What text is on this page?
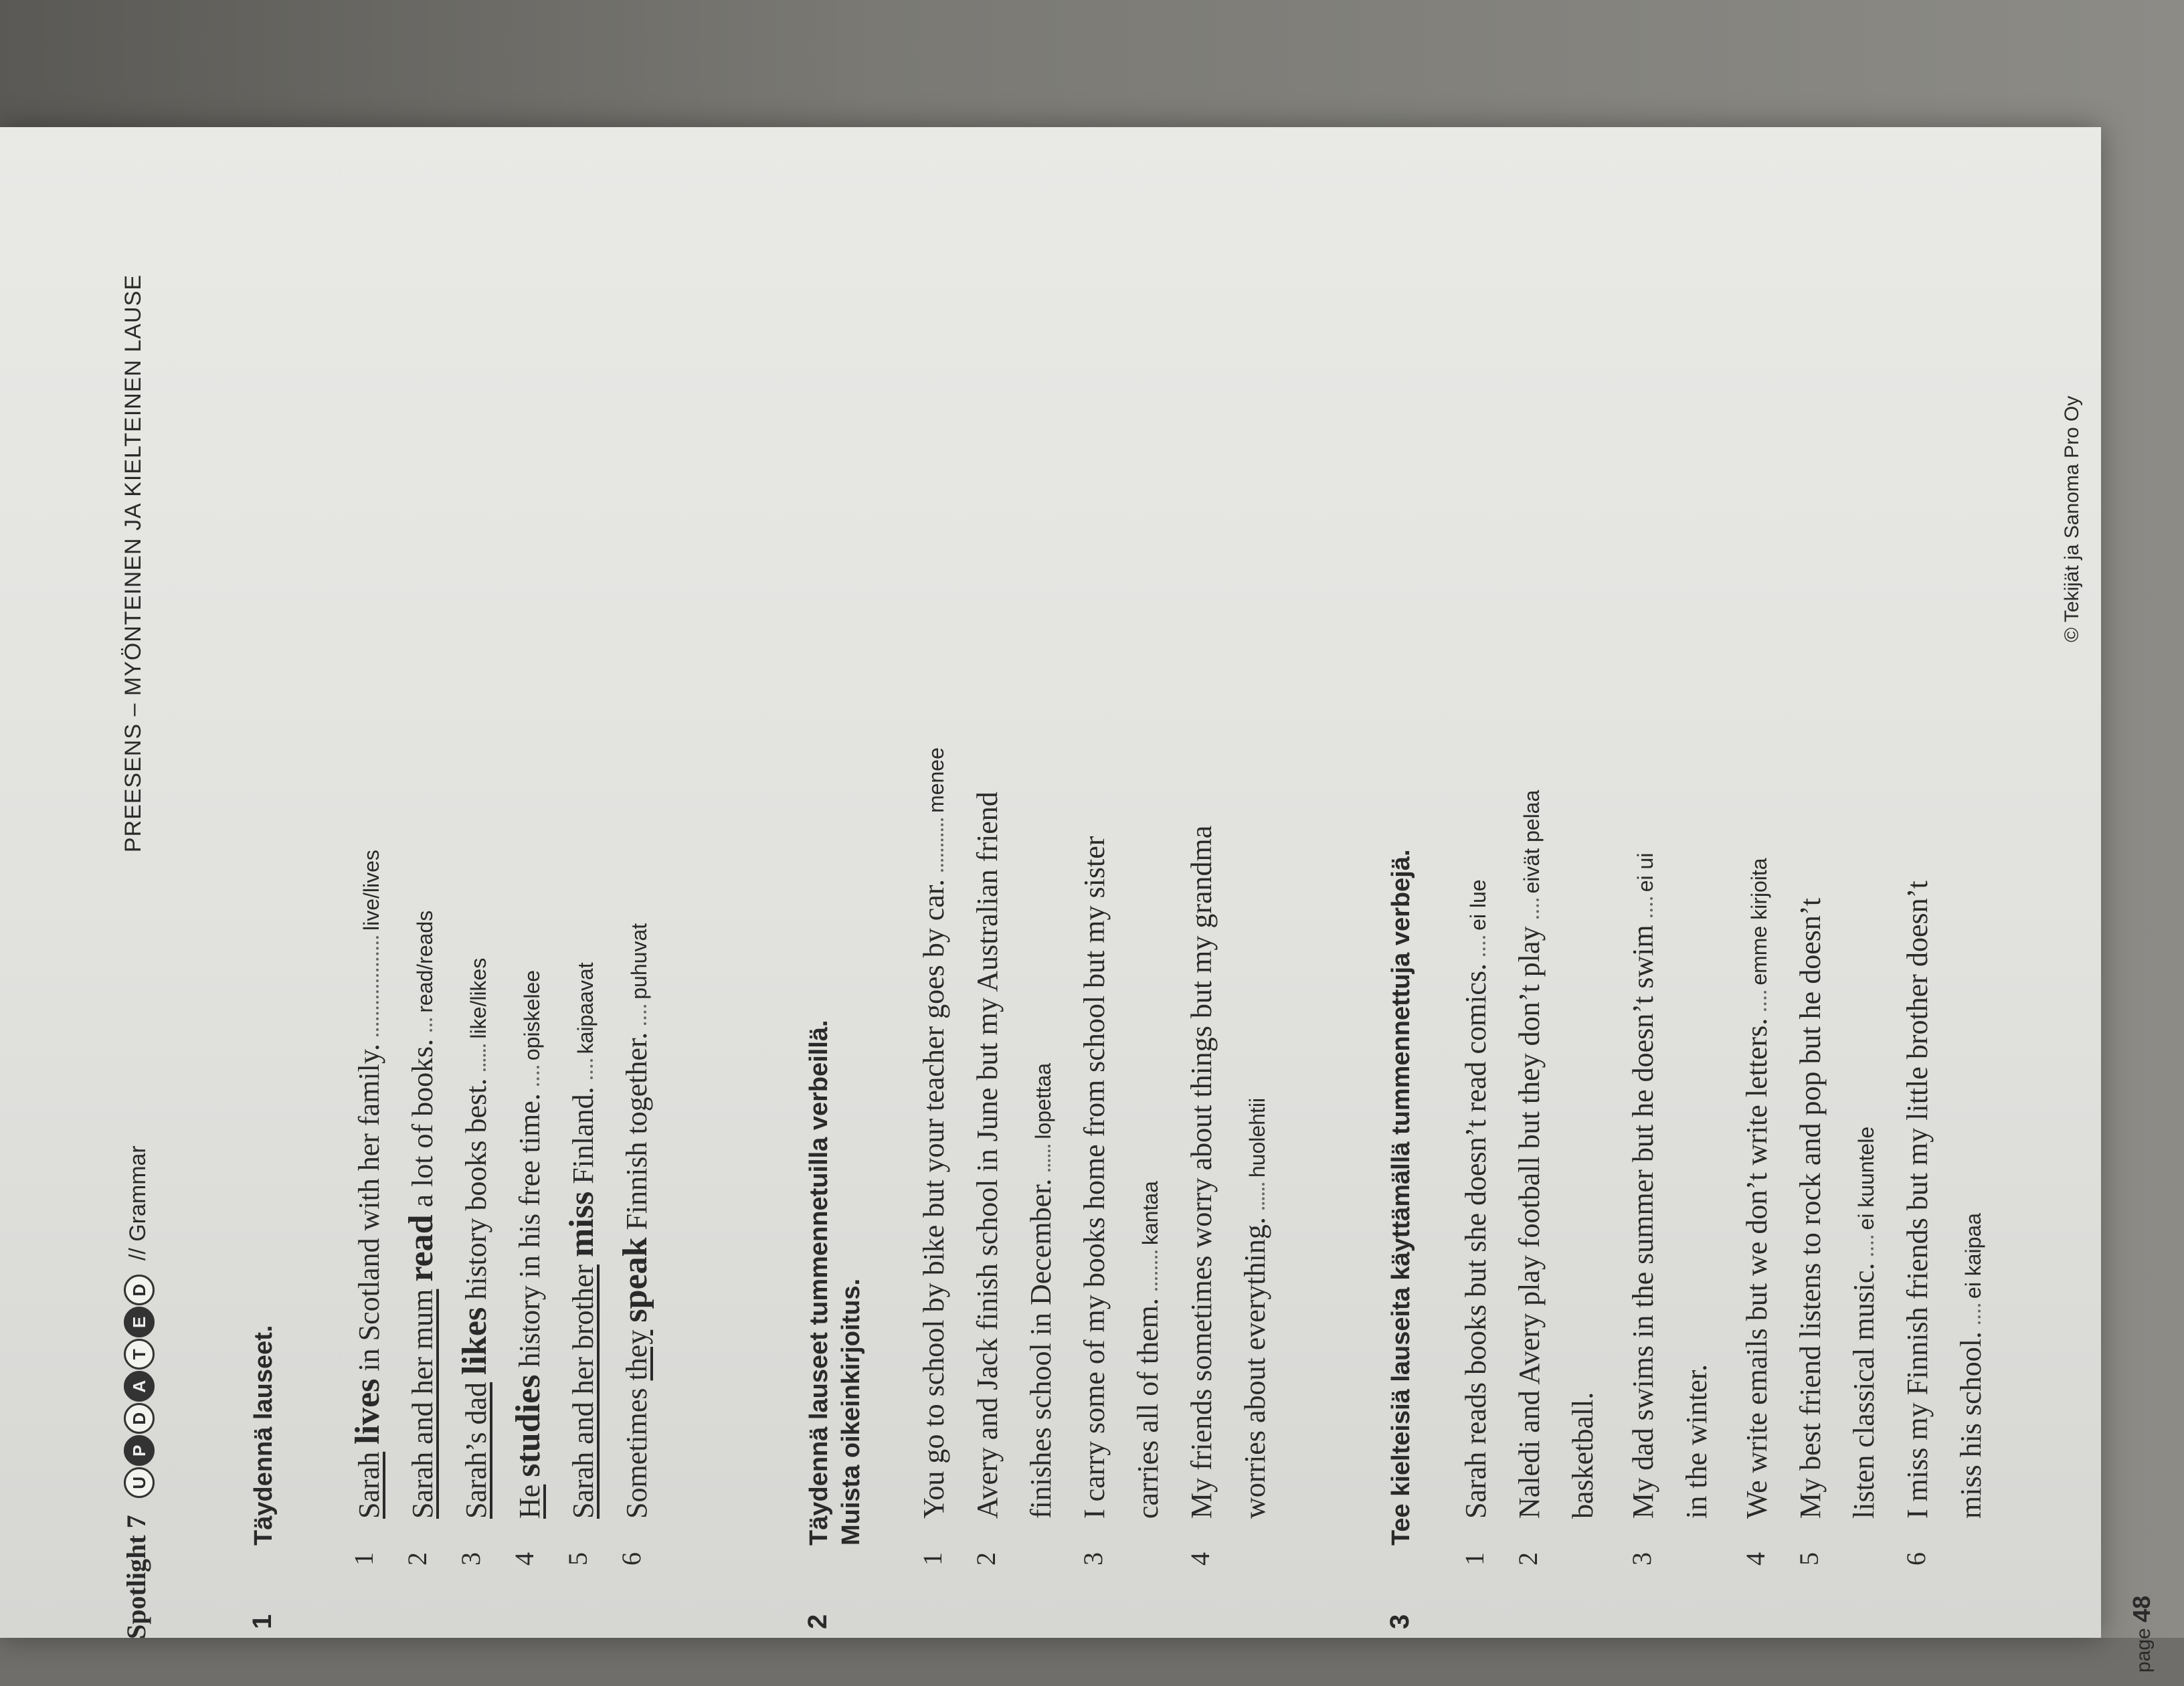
Spotlight 7 UPDATED // Grammar
PREESENS – MYÖNTEINEN JA KIELTEINEN LAUSE
1
Täydennä lauseet.
1
Sarah lives in Scotland with her family. live/lives
2
Sarah and her mum read a lot of books. read/reads
3
Sarah’s dad likes history books best. like/likes
4
He studies history in his free time. opiskelee
5
Sarah and her brother miss Finland. kaipaavat
6
Sometimes they speak Finnish together. puhuvat
2
Täydennä lauseet tummennetuilla verbeillä. Muista oikeinkirjoitus.
1
You go to school by bike but your teacher goes by car. menee
2
Avery and Jack finish school in June but my Australian friend finishes school in December. lopettaa
3
I carry some of my books home from school but my sister carries all of them. kantaa
4
My friends sometimes worry about things but my grandma worries about everything. huolehtii
3
Tee kielteisiä lauseita käyttämällä tummennettuja verbejä.
1
Sarah reads books but she doesn’t read comics. ei lue
2
Naledi and Avery play football but they don’t play eivät pelaa
basketball.
3
My dad swims in the summer but he doesn’t swim ei ui
in the winter.
4
We write emails but we don’t write letters. emme kirjoita
5
My best friend listens to rock and pop but he doesn’t listen classical music. ei kuuntele
6
I miss my Finnish friends but my little brother doesn’t miss his school. ei kaipaa
© Tekijät ja Sanoma Pro Oy
page 48
